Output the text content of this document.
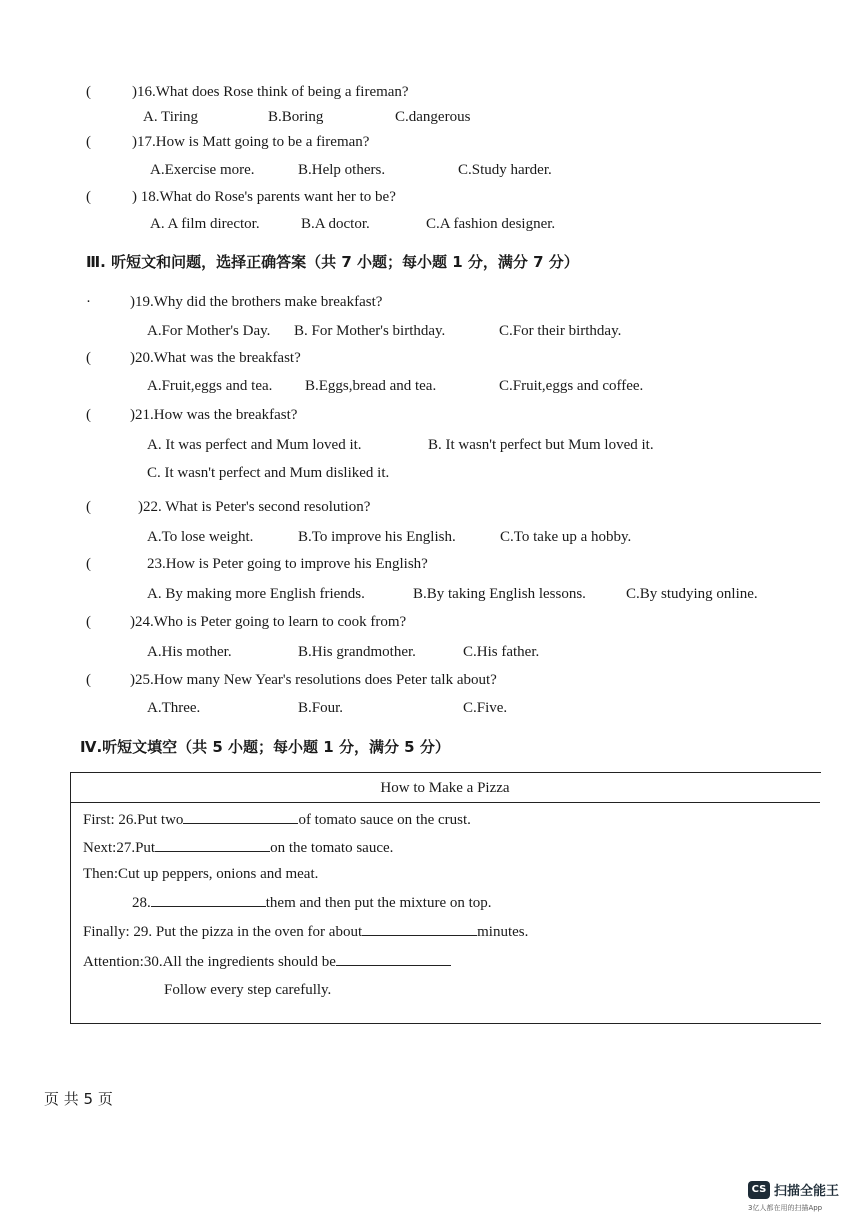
(	)16.What does Rose think of being a fireman?
A. Tiring	B.Boring	C.dangerous
(	)17.How is Matt going to be a fireman?
A.Exercise more.	B.Help others.	C.Study harder.
(	) 18.What do Rose's parents want her to be?
A. A film director.	B.A doctor.	C.A fashion designer.
Ⅲ. 听短文和问题，选择正确答案（共 7 小题；每小题 1 分，满分 7 分）
·	)19.Why did the brothers make breakfast?
A.For Mother's Day. B. For Mother's birthday.	C.For their birthday.
(	)20.What was the breakfast?
A.Fruit,eggs and tea. B.Eggs,bread and tea.	C.Fruit,eggs and coffee.
(	)21.How was the breakfast?
A. It was perfect and Mum loved it.	B. It wasn't perfect but Mum loved it.
C. It wasn't perfect and Mum disliked it.
(	)22. What is Peter's second resolution?
A.To lose weight.	B.To improve his English.	C.To take up a hobby.
(	23.How is Peter going to improve his English?
A. By making more English friends.	B.By taking English lessons.	C.By studying online.
(	)24.Who is Peter going to learn to cook from?
A.His mother.	B.His grandmother.	C.His father.
(	)25.How many New Year's resolutions does Peter talk about?
A.Three.	B.Four.	C.Five.
Ⅳ.听短文填空（共 5 小题；每小题 1 分，满分 5 分）
How to Make a Pizza
First: 26.Put two	of tomato sauce on the crust.
Next:27.Put	on the tomato sauce.
Then:Cut up peppers, onions and meat.
28.	them and then put the mixture on top.
Finally: 29. Put the pizza in the oven for about	minutes.
Attention:30.All the ingredients should be
Follow every step carefully.
页 共 5 页
CS 扫描全能王
3亿人都在用的扫描App
